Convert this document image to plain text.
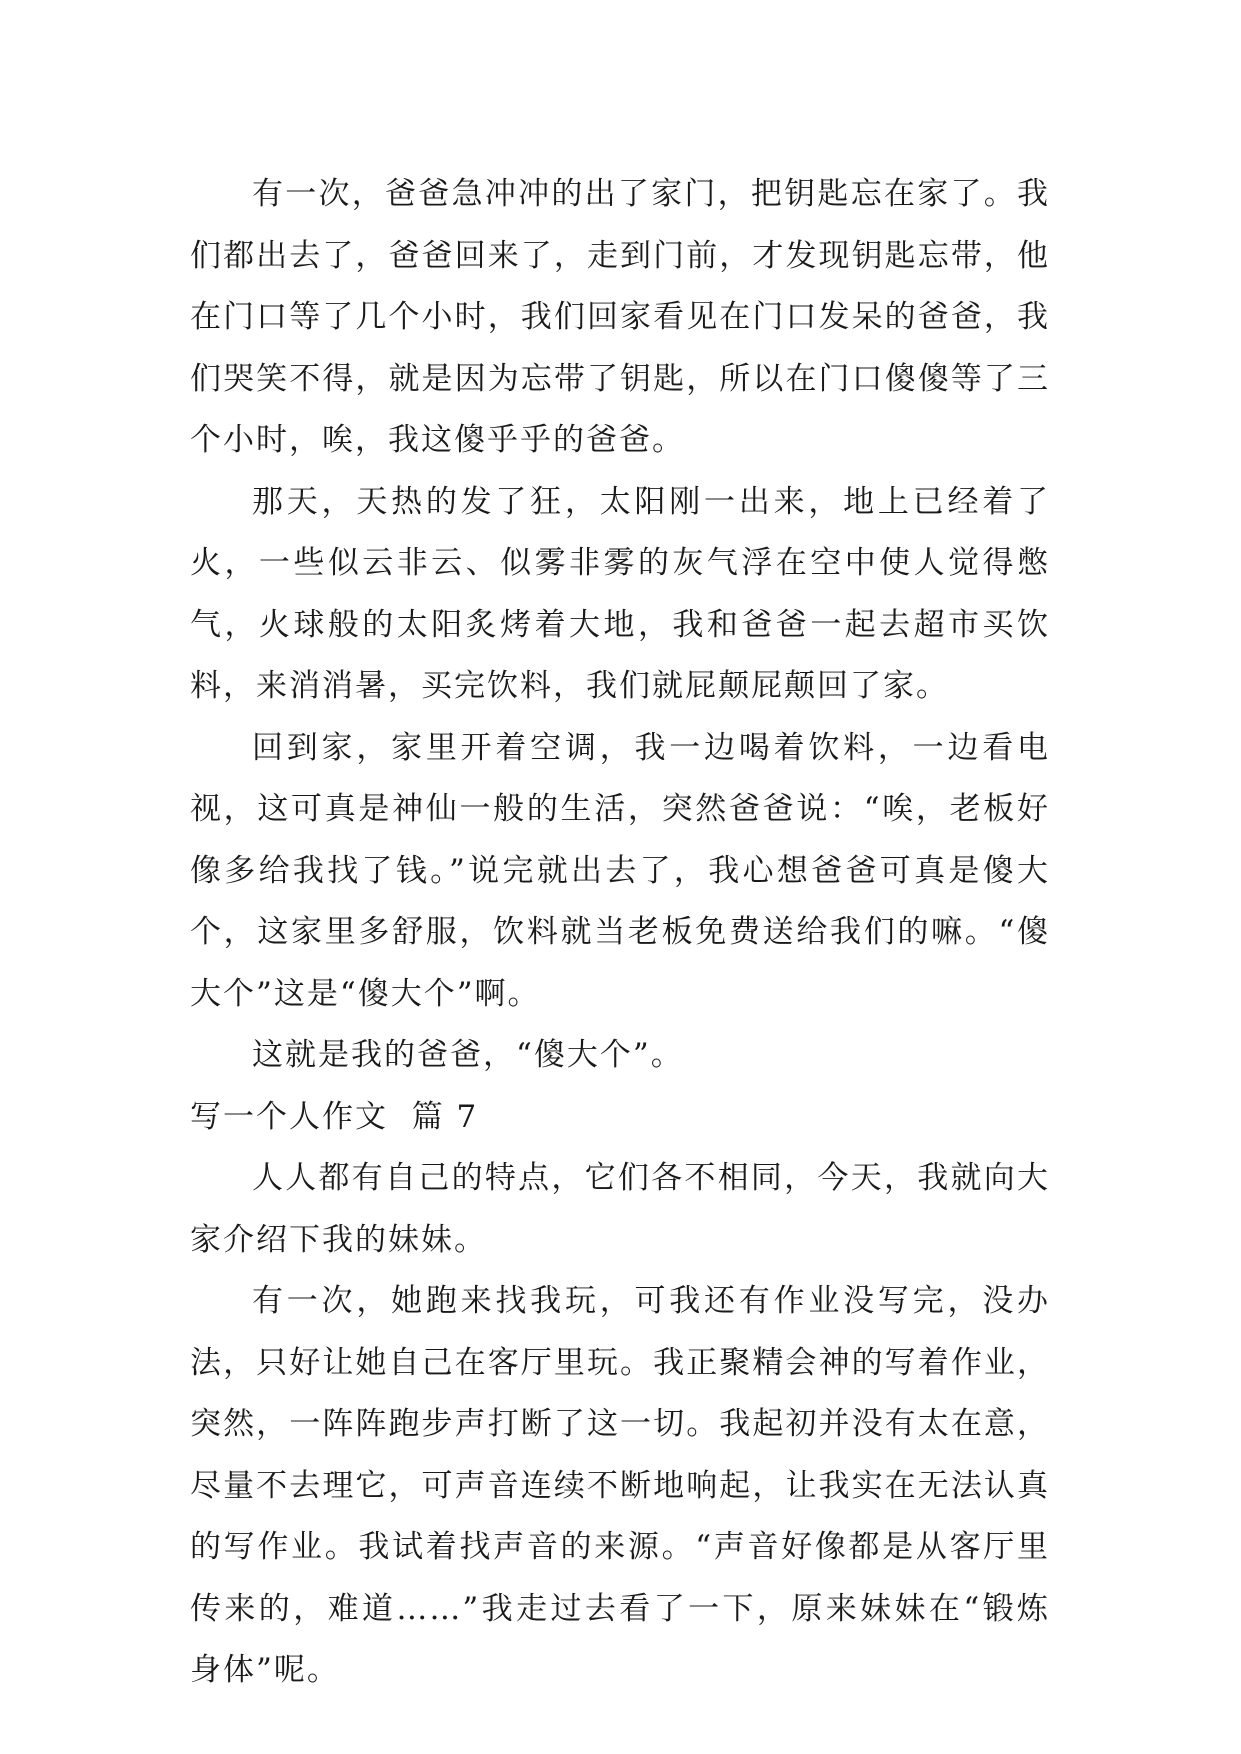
有一次，爸爸急冲冲的出了家门，把钥匙忘在家了。我们都出去了，爸爸回来了，走到门前，才发现钥匙忘带，他在门口等了几个小时，我们回家看见在门口发呆的爸爸，我们哭笑不得，就是因为忘带了钥匙，所以在门口傻傻等了三个小时，唉，我这傻乎乎的爸爸。

那天，天热的发了狂，太阳刚一出来，地上已经着了火，一些似云非云、似雾非雾的灰气浮在空中使人觉得憋气，火球般的太阳炙烤着大地，我和爸爸一起去超市买饮料，来消消暑，买完饮料，我们就屁颠屁颠回了家。

回到家，家里开着空调，我一边喝着饮料，一边看电视，这可真是神仙一般的生活，突然爸爸说：“唉，老板好像多给我找了钱。”说完就出去了，我心想爸爸可真是傻大个，这家里多舒服，饮料就当老板免费送给我们的嘛。“傻大个”这是“傻大个”啊。

这就是我的爸爸，“傻大个”。

写一个人作文  篇 7

人人都有自己的特点，它们各不相同，今天，我就向大家介绍下我的妹妹。

有一次，她跑来找我玩，可我还有作业没写完，没办法，只好让她自己在客厅里玩。我正聚精会神的写着作业，突然，一阵阵跑步声打断了这一切。我起初并没有太在意，尽量不去理它，可声音连续不断地响起，让我实在无法认真的写作业。我试着找声音的来源。“声音好像都是从客厅里传来的，难道……”我走过去看了一下，原来妹妹在“锻炼身体”呢。
